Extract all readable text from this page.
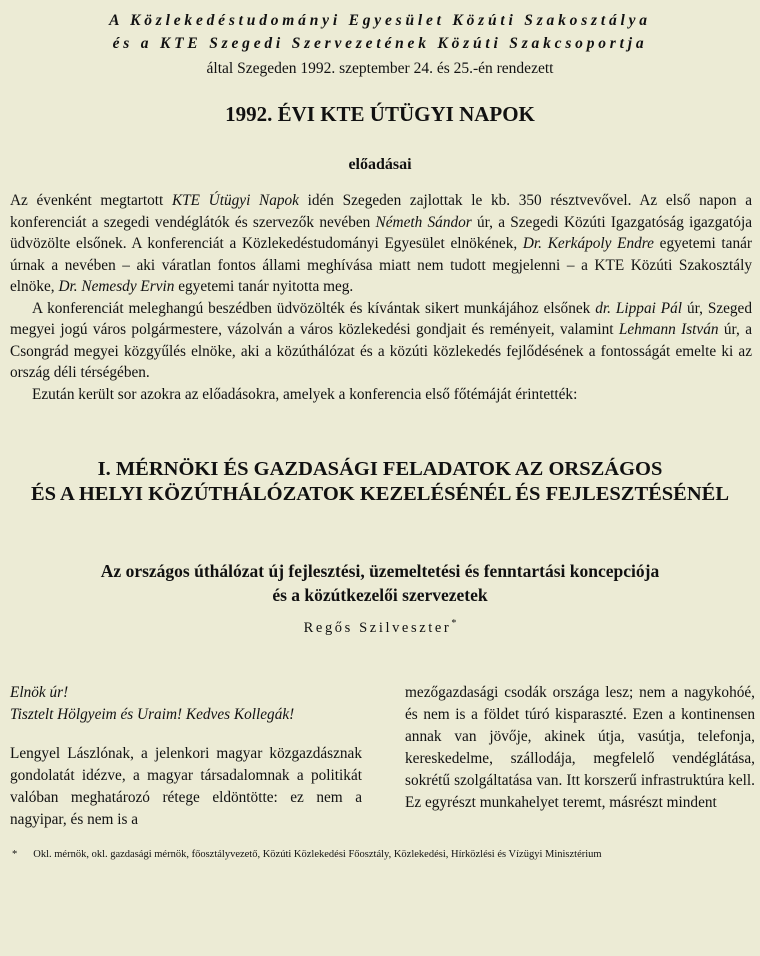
A Közlekedéstudományi Egyesület Közúti Szakosztálya
és a KTE Szegedi Szervezetének Közúti Szakcsoportja
által Szegeden 1992. szeptember 24. és 25.-én rendezett
1992. ÉVI KTE ÚTÜGYI NAPOK
előadásai

Az évenként megtartott KTE Útügyi Napok idén Szegeden zajlottak le kb. 350 résztvevővel. Az első napon a konferenciát a szegedi vendéglátók és szervezők nevében Németh Sándor úr, a Szegedi Közúti Igazgatóság igazgatója üdvözölte elsőnek. A konferenciát a Közlekedéstudományi Egyesület elnökének, Dr. Kerkápoly Endre egyetemi tanár úrnak a nevében – aki váratlan fontos állami meghívása miatt nem tudott megjelenni – a KTE Közúti Szakosztály elnöke, Dr. Nemesdy Ervin egyetemi tanár nyitotta meg.

A konferenciát meleghangú beszédben üdvözölték és kívántak sikert munkájához elsőnek dr. Lippai Pál úr, Szeged megyei jogú város polgármestere, vázolván a város közlekedési gondjait és reményeit, valamint Lehmann István úr, a Csongrád megyei közgyűlés elnöke, aki a közúthálózat és a közúti közlekedés fejlődésének a fontosságát emelte ki az ország déli térségében.

Ezután került sor azokra az előadásokra, amelyek a konferencia első főtémáját érintették:

I. MÉRNÖKI ÉS GAZDASÁGI FELADATOK AZ ORSZÁGOS
ÉS A HELYI KÖZÚTHÁLÓZATOK KEZELÉSÉNÉL ÉS FEJLESZTÉSÉNÉL
Az országos úthálózat új fejlesztési, üzemeltetési és fenntartási koncepciója
és a közútkezelői szervezetek
Regős Szilveszter*

Elnök úr!

Tisztelt Hölgyeim és Uraim! Kedves Kollegák!

Lengyel Lászlónak, a jelenkori magyar közgazdásznak gondolatát idézve, a magyar társadalomnak a politikát valóban meghatározó rétege eldöntötte: ez nem a nagyipar, és nem is a

mezőgazdasági csodák országa lesz; nem a nagykohóé, és nem is a földet túró kisparaszté. Ezen a kontinensen annak van jövője, akinek útja, vasútja, telefonja, kereskedelme, szállodája, megfelelő vendéglátása, sokrétű szolgáltatása van. Itt korszerű infrastruktúra kell. Ez egyrészt munkahelyet teremt, másrészt mindent

* Okl. mérnök, okl. gazdasági mérnök, főosztályvezető, Közúti Közlekedési Főosztály, Közlekedési, Hírközlési és Vízügyi Minisztérium
